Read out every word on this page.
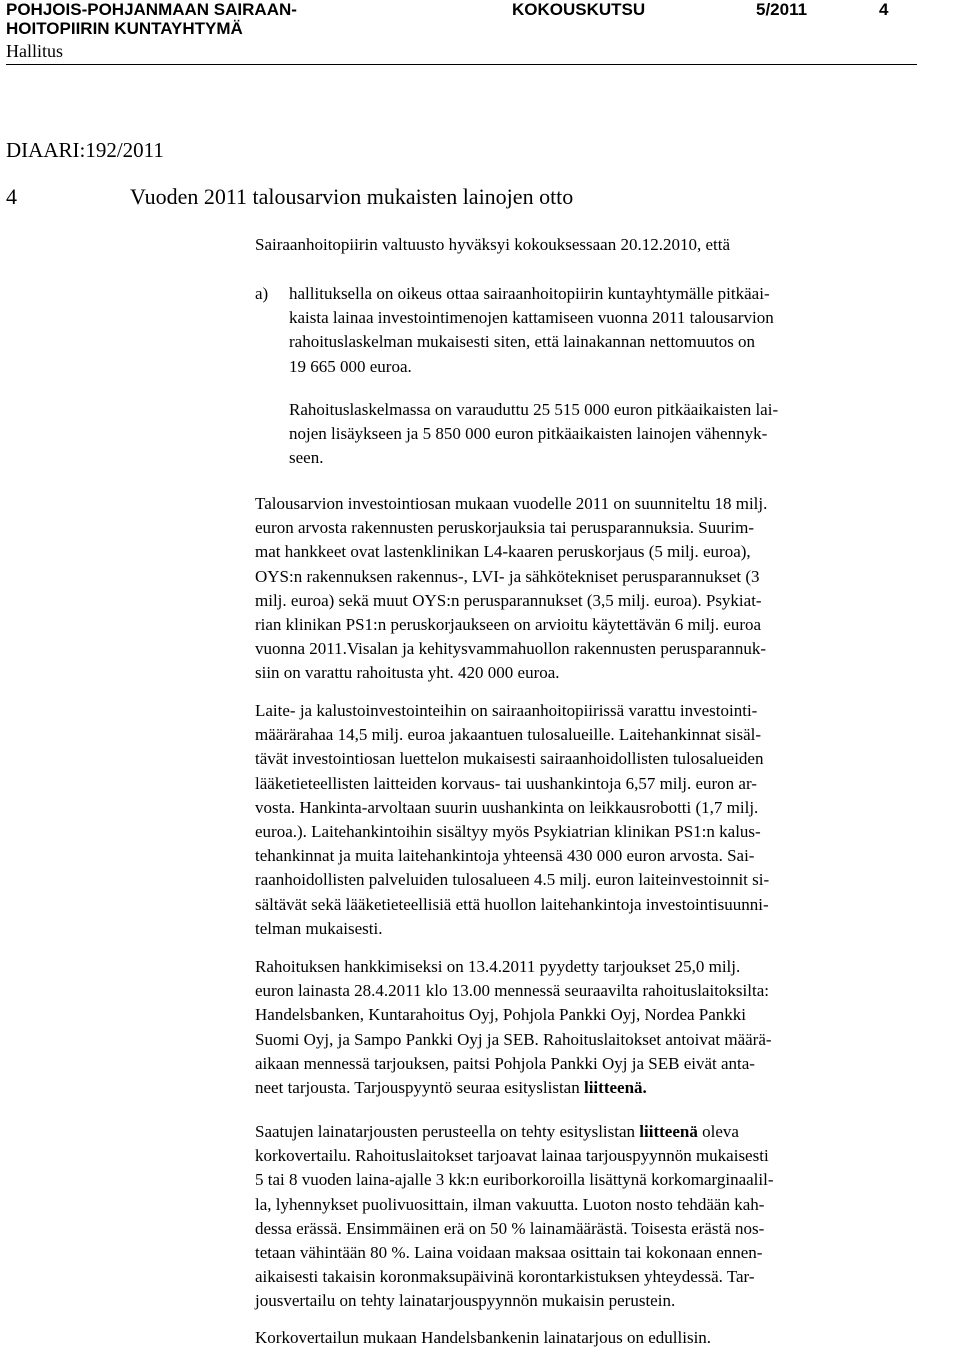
POHJOIS-POHJANMAAN SAIRAAN-
HOITOPIIRIN KUNTAYHTYMÄ
KOKOUSKUTSU	5/2011	4
Hallitus
DIAARI:192/2011
4	Vuoden 2011 talousarvion mukaisten lainojen otto
Sairaanhoitopiirin valtuusto hyväksyi kokouksessaan 20.12.2010, että
a) hallituksella on oikeus ottaa sairaanhoitopiirin kuntayhtymälle pitkäai-
kaista lainaa investointimenojen kattamiseen vuonna 2011 talousarvion
rahoituslaskelman mukaisesti siten, että lainakannan nettomuutos on
19 665 000 euroa.
Rahoituslaskelmassa on varauduttu 25 515 000 euron pitkäaikaisten lai-
nojen lisäykseen ja 5 850 000 euron pitkäaikaisten lainojen vähennyk-
seen.
Talousarvion investointiosan mukaan vuodelle 2011 on suunniteltu 18 milj.
euron arvosta rakennusten peruskorjauksia tai perusparannuksia. Suurim-
mat hankkeet ovat lastenklinikan L4-kaaren peruskorjaus (5 milj. euroa),
OYS:n rakennuksen rakennus-, LVI- ja sähkötekniset perusparannukset (3
milj. euroa) sekä muut OYS:n perusparannukset (3,5 milj. euroa). Psykiat-
rian klinikan PS1:n peruskorjaukseen on arvioitu käytettävän 6 milj. euroa
vuonna 2011.Visalan ja kehitysvammahuollon rakennusten perusparannuk-
siin on varattu rahoitusta yht. 420 000 euroa.
Laite- ja kalustoinvestointeihin on sairaanhoitopiirissä varattu investointi-
määrärahaa 14,5 milj. euroa jakaantuen tulosalueille. Laitehankinnat sisäl-
tävät investointiosan luettelon mukaisesti sairaanhoidollisten tulosalueiden
lääketieteellisten laitteiden korvaus- tai uushankintoja 6,57 milj. euron ar-
vosta. Hankinta-arvoltaan suurin uushankinta on leikkausrobotti (1,7 milj.
euroa.). Laitehankintoihin sisältyy myös Psykiatrian klinikan PS1:n kalus-
tehankinnat ja muita laitehankintoja yhteensä 430 000 euron arvosta. Sai-
raanhoidollisten palveluiden tulosalueen 4.5 milj. euron laiteinvestoinnit si-
sältävät sekä lääketieteellisiä että huollon laitehankintoja investointisuunni-
telman mukaisesti.
Rahoituksen hankkimiseksi on 13.4.2011 pyydetty tarjoukset 25,0 milj.
euron lainasta 28.4.2011 klo 13.00 mennessä seuraavilta rahoituslaitoksilta:
Handelsbanken, Kuntarahoitus Oyj, Pohjola Pankki Oyj, Nordea Pankki
Suomi Oyj, ja Sampo Pankki Oyj ja SEB. Rahoituslaitokset antoivat määrä-
aikaan mennessä tarjouksen, paitsi Pohjola Pankki Oyj ja SEB eivät anta-
neet tarjousta. Tarjouspyyntö seuraa esityslistan liitteenä.
Saatujen lainatarjousten perusteella on tehty esityslistan liitteenä oleva
korkovertailu. Rahoituslaitokset tarjoavat lainaa tarjouspyynnön mukaisesti
5 tai 8 vuoden laina-ajalle 3 kk:n euriborkoroilla lisättynä korkomarginaalil-
la, lyhennykset puolivuosittain, ilman vakuutta. Luoton nosto tehdään kah-
dessa erässä. Ensimmäinen erä on 50 % lainamäärästä. Toisesta erästä nos-
tetaan vähintään 80 %. Laina voidaan maksaa osittain tai kokonaan ennen-
aikaisesti takaisin koronmaksupäivinä korontarkistuksen yhteydessä. Tar-
jousvertailu on tehty lainatarjouspyynnön mukaisin perustein.
Korkovertailun mukaan Handelsbankenin lainatarjous on edullisin.
